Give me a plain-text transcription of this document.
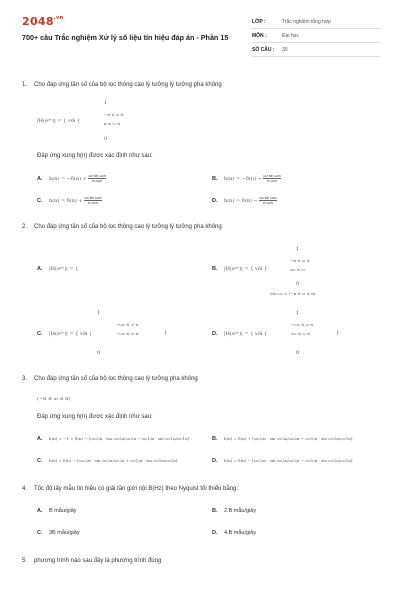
$2048^{.vn}$
700+ câu Trắc nghiệm Xử lý số liệu tín hiệu đáp án - Phần 15
LỚP :	Trắc nghiệm tổng hợp
MÔN :	Đại học
SỐ CÂU :	30
1. Cho đáp ứng tần số của bộ lọc thông cao lý tưởng lý tưởng pha không
1
|H(eʲʷ)| = { với {
−π ≤ ω ≤
π ≤ ω ≤
0
Đáp ứng xung h(n) được xác định như sau:
A. $h(n) = -\delta(n) + \frac{\text{ωc sin ωcn}}{\text{π ωcn}}$	B. $h(n) = -\delta(n) - \frac{\text{ωc sin ωcn}}{\text{π ωcn}}$
C. $h(n) = \delta(n) + \frac{\text{ωc sin ωcn}}{\text{π ωcn}}$	D. $h(n) = \delta(n) - \frac{\text{ωc sin ωcn}}{\text{π ωcn}}$
2. Cho đáp ứng tần số của bộ lọc thông cao lý tưởng lý tưởng pha không
A. |H(eʲʷ)| = {
1
B. |H(eʲʷ)| = { với {
−π ≤ ω ≤
ωc ≤ ω
0
với ωc < (−π ≤ ω ≤ π)
1
C. |H(eʲʷ)| = { với {
−ωc ≤ ω ≤
−ωc ≤ ω ≤	}
0
1
D. |H(eʲʷ)| = { với {
−ωc ≤ ω ≤
ωc ≤ ω ≤	}
0
3. Cho đáp ứng tần số của bộ lọc thông cao lý tưởng pha không
(−π ≤ ω ≤ π)
Đáp ứng xung h(n) được xác định như sau:
A. h(n) = −1 + δ(n) − [ωc2/π · sin ωc2n/ωc2n − ωc1/π · sin ωc1n/ωc1n]	B. h(n) = δ(n) + [ωc2/π · sin ωc2n/ωc2n − ωc1/π · sin ωc1n/ωc1n]
C. h(n) = δ(n) − [ωc2/π · sin ωc2n/ωc2n + ωc1/π · sin ωc1n/ωc1n]	D. h(n) = δ(n) − [ωc2/π · sin ωc2n/ωc2n − ωc1/π · sin ωc1n/ωc1n]
4. Tốc độ lấy mẫu tín hiệu có giải tần giới nội B(Hz) theo Nyquist tối thiểu bằng:
A. B mẫu/giây	B. 2.B mẫu/giây
C. 3B mẫu/giây	D. 4.B mẫu/giây
5. phương trình nào sau đây là phương trình đúng
